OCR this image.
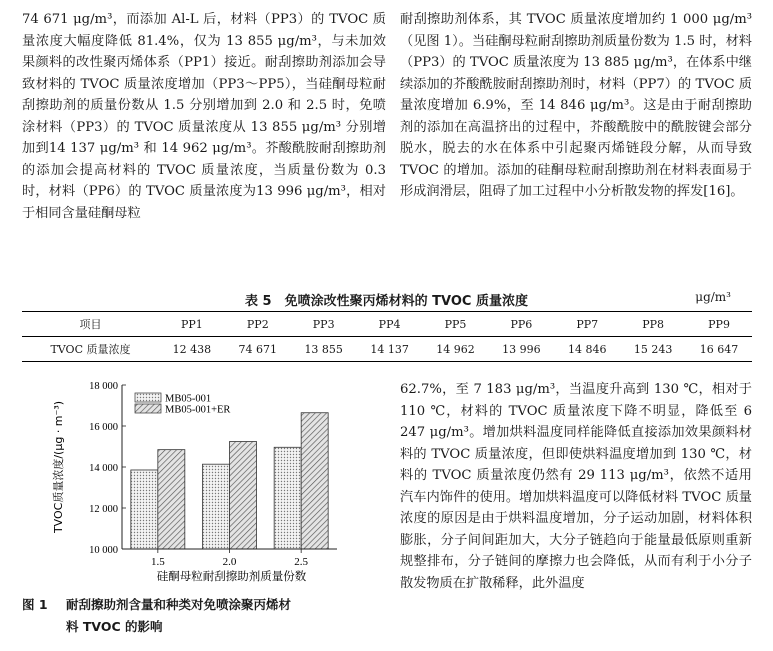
74 671 μg/m³，而添加 Al-L 后，材料（PP3）的 TVOC 质量浓度大幅度降低 81.4%，仅为 13 855 μg/m³，与未加效果颜料的改性聚丙烯体系（PP1）接近。耐刮擦助剂添加会导致材料的 TVOC 质量浓度增加（PP3～PP5），当硅酮母粒耐刮擦助剂的质量份数从 1.5 分别增加到 2.0 和 2.5 时，免喷涂材料（PP3）的 TVOC 质量浓度从 13 855 μg/m³ 分别增加到14 137 μg/m³ 和 14 962 μg/m³。芥酸酰胺耐刮擦助剂的添加会提高材料的 TVOC 质量浓度，当质量份数为 0.3 时，材料（PP6）的 TVOC 质量浓度为13 996 μg/m³，相对于相同含量硅酮母粒

耐刮擦助剂体系，其 TVOC 质量浓度增加约 1 000 μg/m³（见图 1）。当硅酮母粒耐刮擦助剂质量份数为 1.5 时，材料（PP3）的 TVOC 质量浓度为 13 885 μg/m³，在体系中继续添加的芥酸酰胺耐刮擦助剂时，材料（PP7）的 TVOC 质量浓度增加 6.9%，至 14 846 μg/m³。这是由于耐刮擦助剂的添加在高温挤出的过程中，芥酸酰胺中的酰胺键会部分脱水，脱去的水在体系中引起聚丙烯链段分解，从而导致 TVOC 的增加。添加的硅酮母粒耐刮擦助剂在材料表面易于形成润滑层，阻碍了加工过程中小分析散发物的挥发[16]。

表 5　免喷涂改性聚丙烯材料的 TVOC 质量浓度	μg/m³
项目	PP1	PP2	PP3	PP4	PP5	PP6	PP7	PP8	PP9
TVOC 质量浓度	12 438	74 671	13 855	14 137	14 962	13 996	14 846	15 243	16 647
1.5	2.0	2.5
10 000
12 000
14 000
16 000
18 000
硅酮母粒耐刮擦助剂质量份数
TVOC质量浓度/(μg · m⁻³)
MB05-001
MB05-001+ER
图 1 耐刮擦助剂含量和种类对免喷涂聚丙烯材
料 TVOC 的影响

62.7%，至 7 183 μg/m³，当温度升高到 130 ℃，相对于 110 ℃，材料的 TVOC 质量浓度下降不明显，降低至 6 247 μg/m³。增加烘料温度同样能降低直接添加效果颜料材料的 TVOC 质量浓度，但即使烘料温度增加到 130 ℃，材料的 TVOC 质量浓度仍然有 29 113 μg/m³，依然不适用汽车内饰件的使用。增加烘料温度可以降低材料 TVOC 质量浓度的原因是由于烘料温度增加，分子运动加剧，材料体积膨胀，分子间间距加大，大分子链趋向于能量最低原则重新规整排布，分子链间的摩擦力也会降低，从而有利于小分子散发物质在扩散稀释，此外温度
